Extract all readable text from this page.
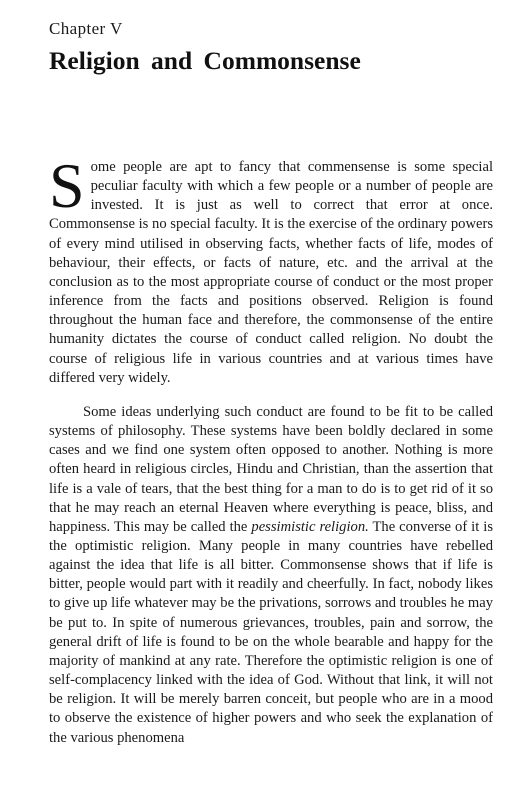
Chapter V
Religion and Commonsense

Some people are apt to fancy that commensense is some special peculiar faculty with which a few people or a number of people are invested. It is just as well to correct that error at once. Commonsense is no special faculty. It is the exercise of the ordinary powers of every mind utilised in observing facts, whether facts of life, modes of behaviour, their effects, or facts of nature, etc. and the arrival at the conclusion as to the most appropriate course of conduct or the most proper inference from the facts and positions observed. Religion is found throughout the human face and therefore, the commonsense of the entire humanity dictates the course of conduct called religion. No doubt the course of religious life in various countries and at various times have differed very widely.

Some ideas underlying such conduct are found to be fit to be called systems of philosophy. These systems have been boldly declared in some cases and we find one system often opposed to another. Nothing is more often heard in religious circles, Hindu and Christian, than the assertion that life is a vale of tears, that the best thing for a man to do is to get rid of it so that he may reach an eternal Heaven where everything is peace, bliss, and happiness. This may be called the pessimistic religion. The converse of it is the optimistic religion. Many people in many countries have rebelled against the idea that life is all bitter. Commonsense shows that if life is bitter, people would part with it readily and cheerfully. In fact, nobody likes to give up life whatever may be the privations, sorrows and troubles he may be put to. In spite of numerous grievances, troubles, pain and sorrow, the general drift of life is found to be on the whole bearable and happy for the majority of mankind at any rate. Therefore the optimistic religion is one of self-complacency linked with the idea of God. Without that link, it will not be religion. It will be merely barren conceit, but people who are in a mood to observe the existence of higher powers and who seek the explanation of the various phenomena
